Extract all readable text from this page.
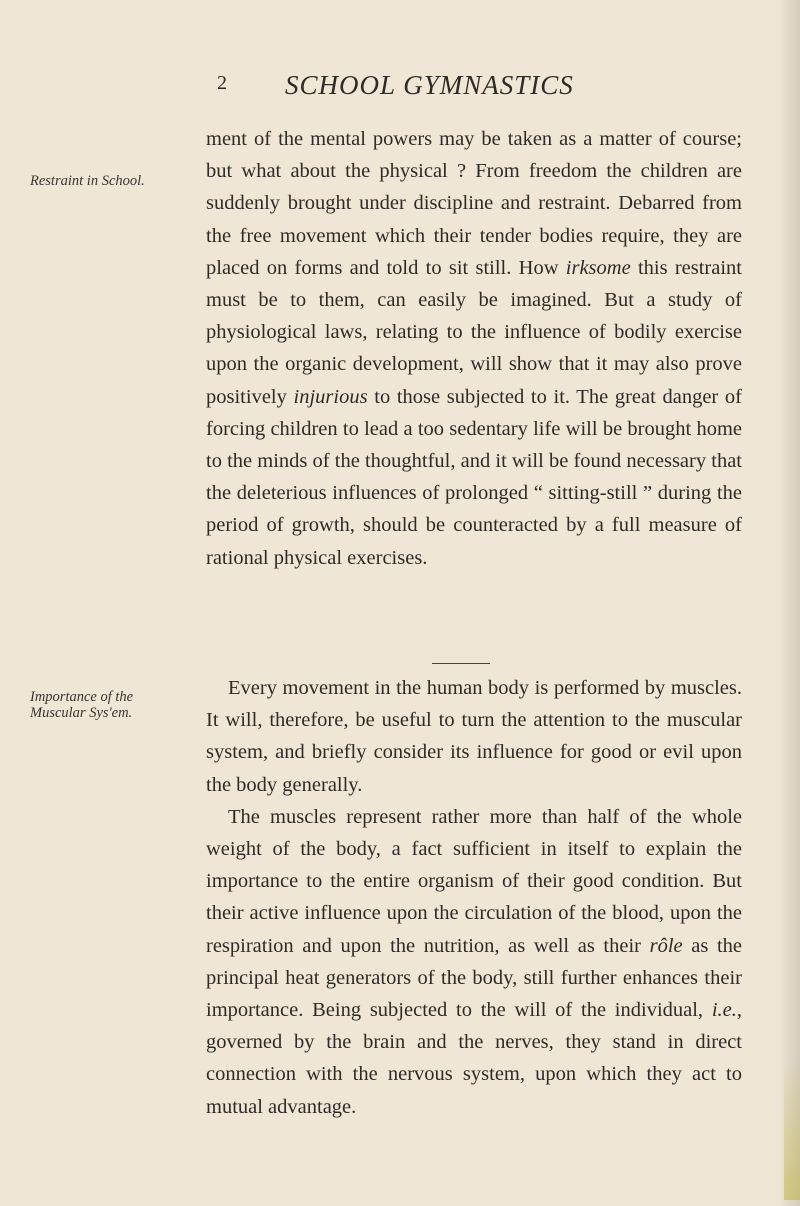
2 SCHOOL GYMNASTICS
Restraint in School.
Importance of the Muscular Sys'em.

ment of the mental powers may be taken as a matter of course; but what about the physical ? From freedom the children are suddenly brought under discipline and restraint. Debarred from the free movement which their tender bodies require, they are placed on forms and told to sit still. How irksome this restraint must be to them, can easily be imagined. But a study of physiological laws, relating to the influence of bodily exercise upon the organic development, will show that it may also prove positively injurious to those subjected to it. The great danger of forcing children to lead a too sedentary life will be brought home to the minds of the thoughtful, and it will be found necessary that the deleterious influences of prolonged “ sitting-still ” during the period of growth, should be counteracted by a full measure of rational physical exercises.

Every movement in the human body is performed by muscles. It will, therefore, be useful to turn the attention to the muscular system, and briefly consider its influence for good or evil upon the body generally.

The muscles represent rather more than half of the whole weight of the body, a fact sufficient in itself to explain the importance to the entire organism of their good condition. But their active influence upon the circulation of the blood, upon the respiration and upon the nutrition, as well as their rôle as the principal heat generators of the body, still further enhances their importance. Being subjected to the will of the individual, i.e., governed by the brain and the nerves, they stand in direct connection with the nervous system, upon which they act to mutual advantage.
